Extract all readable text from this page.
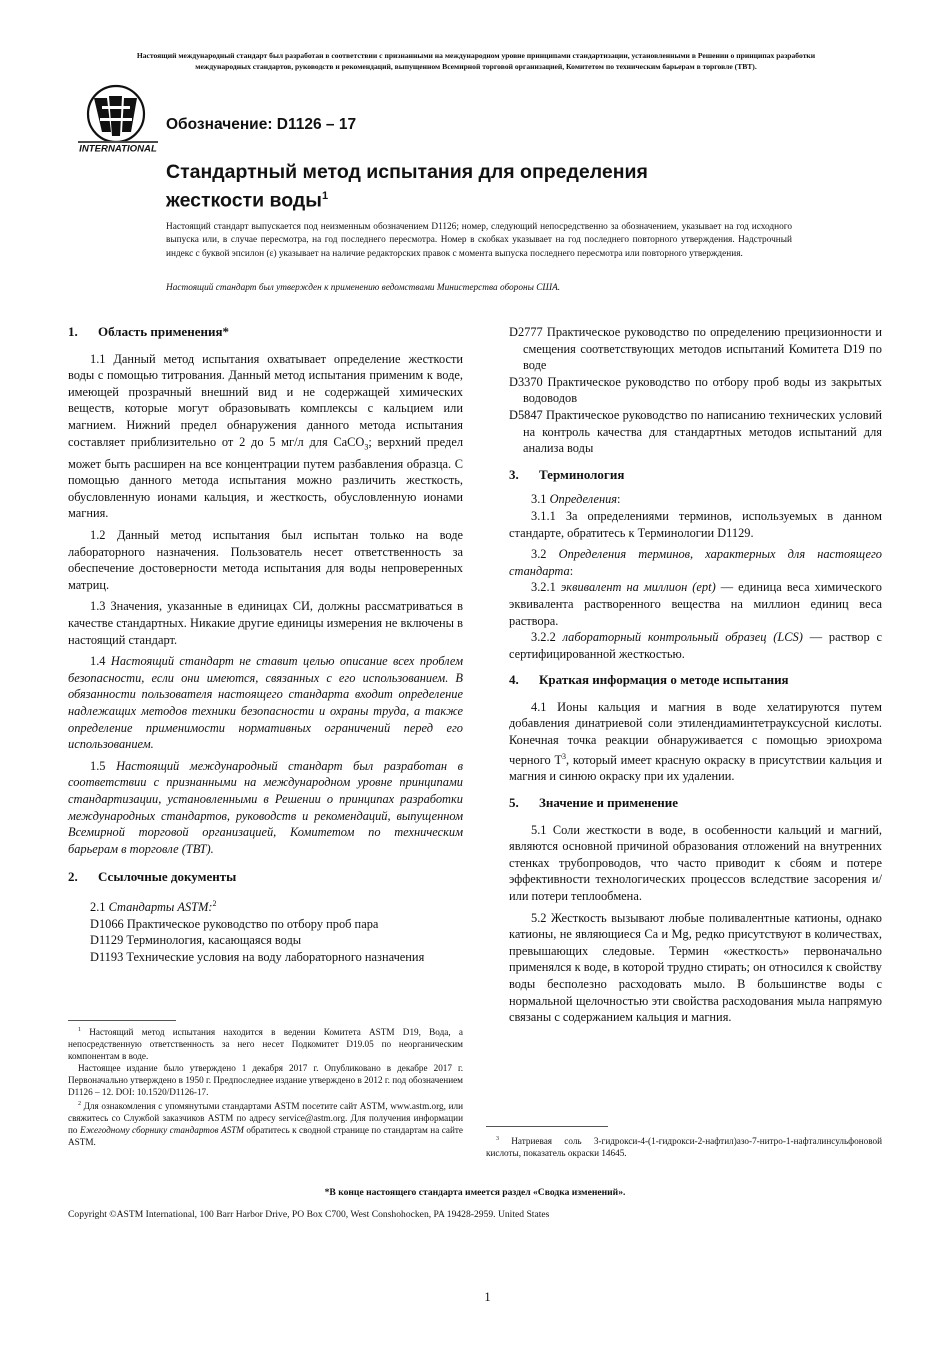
Настоящий международный стандарт был разработан в соответствии с признанными на международном уровне принципами стандартизации, установленными в Решении о принципах разработки
международных стандартов, руководств и рекомендаций, выпущенном Всемирной торговой организацией, Комитетом по техническим барьерам в торговле (ТВТ).
INTERNATIONAL
Обозначение: D1126 – 17
Стандартный метод испытания для определения
жесткости воды$^1$
Настоящий стандарт выпускается под неизменным обозначением D1126; номер, следующий непосредственно за обозначением, указывает на год исходного выпуска или, в случае пересмотра, на год последнего пересмотра. Номер в скобках указывает на год последнего повторного утверждения. Надстрочный индекс с буквой эпсилон (ε) указывает на наличие редакторских правок с момента выпуска последнего пересмотра или повторного утверждения.
Настоящий стандарт был утвержден к применению ведомствами Министерства обороны США.

1. Область применения*

1.1 Данный метод испытания охватывает определение жесткости воды с помощью титрования. Данный метод испытания применим к воде, имеющей прозрачный внешний вид и не содержащей химических веществ, которые могут образовывать комплексы с кальцием или магнием. Нижний предел обнаружения данного метода испытания составляет приблизительно от 2 до 5 мг/л для CaCO$_3$; верхний предел может быть расширен на все концентрации путем разбавления образца. С помощью данного метода испытания можно различить жесткость, обусловленную ионами кальция, и жесткость, обусловленную ионами магния.

1.2 Данный метод испытания был испытан только на воде лабораторного назначения. Пользователь несет ответственность за обеспечение достоверности метода испытания для воды непроверенных матриц.

1.3 Значения, указанные в единицах СИ, должны рассматриваться в качестве стандартных. Никакие другие единицы измерения не включены в настоящий стандарт.

1.4 Настоящий стандарт не ставит целью описание всех проблем безопасности, если они имеются, связанных с его использованием. В обязанности пользователя настоящего стандарта входит определение надлежащих методов техники безопасности и охраны труда, а также определение применимости нормативных ограничений перед его использованием.

1.5 Настоящий международный стандарт был разработан в соответствии с признанными на международном уровне принципами стандартизации, установленными в Решении о принципах разработки международных стандартов, руководств и рекомендаций, выпущенном Всемирной торговой организацией, Комитетом по техническим барьерам в торговле (ТВТ).

2. Ссылочные документы

2.1 Стандарты ASTM:$^2$

D1066 Практическое руководство по отбору проб пара

D1129 Терминология, касающаяся воды

D1193 Технические условия на воду лабораторного назначения

$^1$ Настоящий метод испытания находится в ведении Комитета ASTM D19, Вода, а непосредственную ответственность за него несет Подкомитет D19.05 по неорганическим компонентам в воде.

Настоящее издание было утверждено 1 декабря 2017 г. Опубликовано в декабре 2017 г. Первоначально утверждено в 1950 г. Предпоследнее издание утверждено в 2012 г. под обозначением D1126 – 12. DOI: 10.1520/D1126-17.

$^2$ Для ознакомления с упомянутыми стандартами ASTM посетите сайт ASTM, www.astm.org, или свяжитесь со Службой заказчиков ASTM по адресу service@astm.org. Для получения информации по Ежегодному сборнику стандартов ASTM обратитесь к сводной странице по стандартам на сайте ASTM.

D2777 Практическое руководство по определению прецизионности и смещения соответствующих методов испытаний Комитета D19 по воде

D3370 Практическое руководство по отбору проб воды из закрытых водоводов

D5847 Практическое руководство по написанию технических условий на контроль качества для стандартных методов испытаний для анализа воды

3. Терминология

3.1 Определения:

3.1.1 За определениями терминов, используемых в данном стандарте, обратитесь к Терминологии D1129.

3.2 Определения терминов, характерных для настоящего стандарта:

3.2.1 эквивалент на миллион (ept) — единица веса химического эквивалента растворенного вещества на миллион единиц веса раствора.

3.2.2 лабораторный контрольный образец (LCS) — раствор с сертифицированной жесткостью.

4. Краткая информация о методе испытания

4.1 Ионы кальция и магния в воде хелатируются путем добавления динатриевой соли этилендиаминтетрауксусной кислоты. Конечная точка реакции обнаруживается с помощью эриохрома черного $Т^3$, который имеет красную окраску в присутствии кальция и магния и синюю окраску при их удалении.

5. Значение и применение

5.1 Соли жесткости в воде, в особенности кальций и магний, являются основной причиной образования отложений на внутренних стенках трубопроводов, что часто приводит к сбоям и потере эффективности технологических процессов вследствие засорения и/или потери теплообмена.

5.2 Жесткость вызывают любые поливалентные катионы, однако катионы, не являющиеся Ca и Mg, редко присутствуют в количествах, превышающих следовые. Термин «жесткость» первоначально применялся к воде, в которой трудно стирать; он относился к свойству воды бесполезно расходовать мыло. В большинстве воды с нормальной щелочностью эти свойства расходования мыла напрямую связаны с содержанием кальция и магния.

$^3$ Натриевая соль 3-гидрокси-4-(1-гидрокси-2-нафтил)азо-7-нитро-1-нафталинсульфоновой кислоты, показатель окраски 14645.

*В конце настоящего стандарта имеется раздел «Сводка изменений».
Copyright ©ASTM International, 100 Barr Harbor Drive, PO Box C700, West Conshohocken, PA 19428-2959. United States
1
